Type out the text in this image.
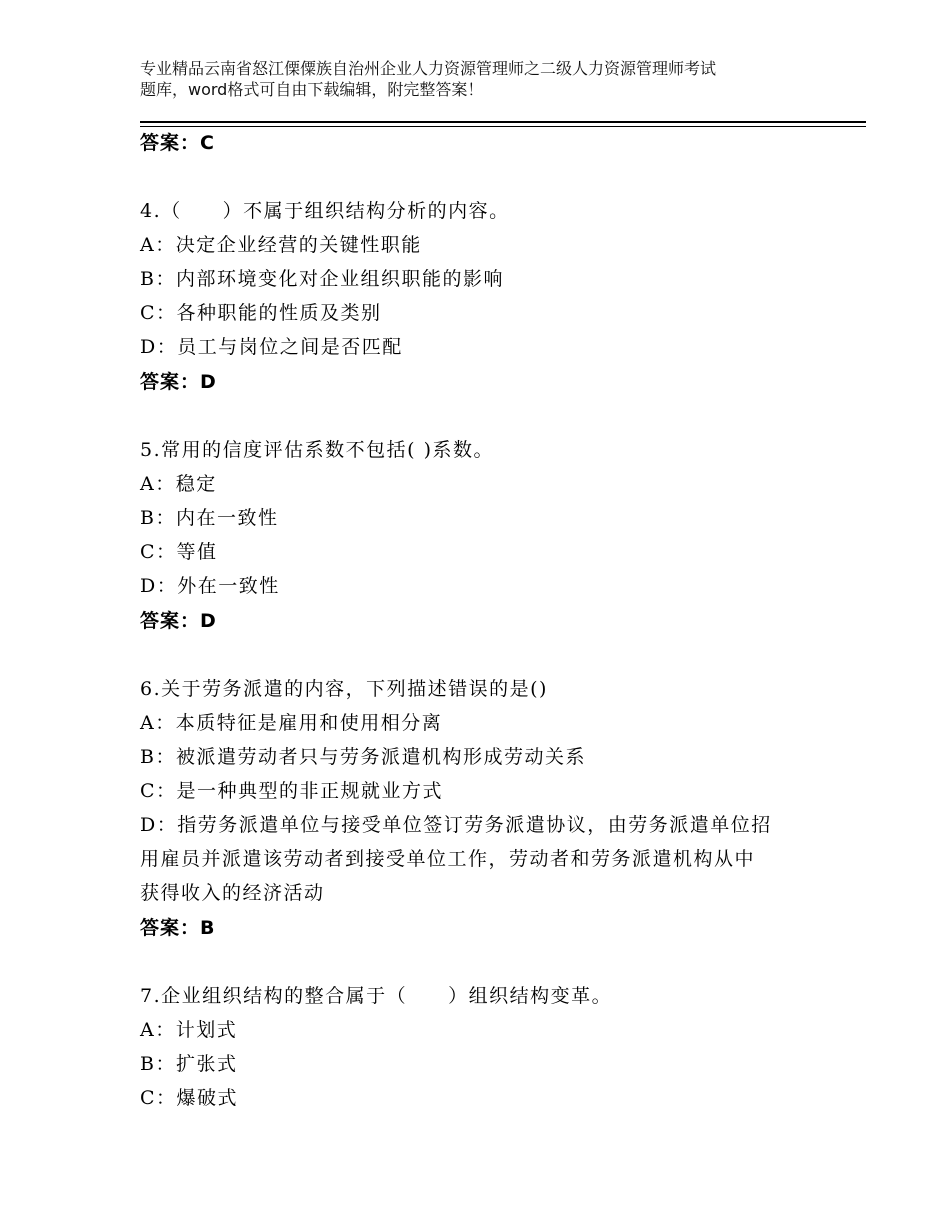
专业精品云南省怒江傈僳族自治州企业人力资源管理师之二级人力资源管理师考试
题库，word格式可自由下载编辑，附完整答案！
答案：C
4.（　　）不属于组织结构分析的内容。
A：决定企业经营的关键性职能
B：内部环境变化对企业组织职能的影响
C：各种职能的性质及类别
D：员工与岗位之间是否匹配
答案：D
5.常用的信度评估系数不包括( )系数。
A：稳定
B：内在一致性
C：等值
D：外在一致性
答案：D
6.关于劳务派遣的内容，下列描述错误的是()
A：本质特征是雇用和使用相分离
B：被派遣劳动者只与劳务派遣机构形成劳动关系
C：是一种典型的非正规就业方式
D：指劳务派遣单位与接受单位签订劳务派遣协议，由劳务派遣单位招
用雇员并派遣该劳动者到接受单位工作，劳动者和劳务派遣机构从中
获得收入的经济活动
答案：B
7.企业组织结构的整合属于（　　）组织结构变革。
A：计划式
B：扩张式
C：爆破式
